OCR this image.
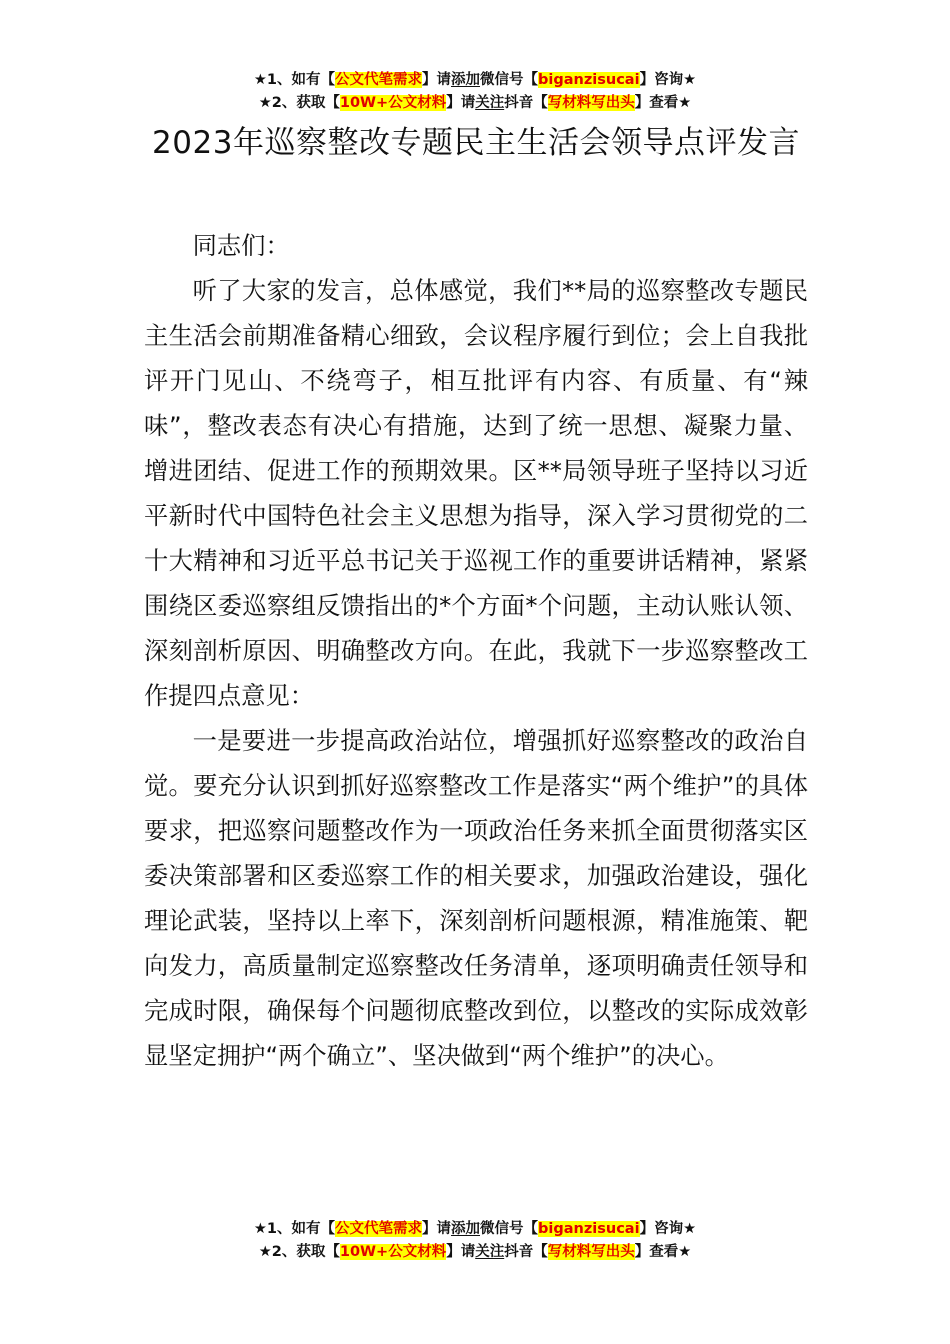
★1、如有【公文代笔需求】请添加微信号【biganzisucai】咨询★
★2、获取【10W+公文材料】请关注抖音【写材料写出头】查看★
2023年巡察整改专题民主生活会领导点评发言

同志们：

听了大家的发言，总体感觉，我们**局的巡察整改专题民主生活会前期准备精心细致，会议程序履行到位；会上自我批评开门见山、不绕弯子，相互批评有内容、有质量、有“辣味”，整改表态有决心有措施，达到了统一思想、凝聚力量、增进团结、促进工作的预期效果。区**局领导班子坚持以习近平新时代中国特色社会主义思想为指导，深入学习贯彻党的二十大精神和习近平总书记关于巡视工作的重要讲话精神，紧紧围绕区委巡察组反馈指出的*个方面*个问题，主动认账认领、深刻剖析原因、明确整改方向。在此，我就下一步巡察整改工作提四点意见：

一是要进一步提高政治站位，增强抓好巡察整改的政治自觉。要充分认识到抓好巡察整改工作是落实“两个维护”的具体要求，把巡察问题整改作为一项政治任务来抓全面贯彻落实区委决策部署和区委巡察工作的相关要求，加强政治建设，强化理论武装，坚持以上率下，深刻剖析问题根源，精准施策、靶向发力，高质量制定巡察整改任务清单，逐项明确责任领导和完成时限，确保每个问题彻底整改到位，以整改的实际成效彰显坚定拥护“两个确立”、坚决做到“两个维护”的决心。

★1、如有【公文代笔需求】请添加微信号【biganzisucai】咨询★
★2、获取【10W+公文材料】请关注抖音【写材料写出头】查看★
